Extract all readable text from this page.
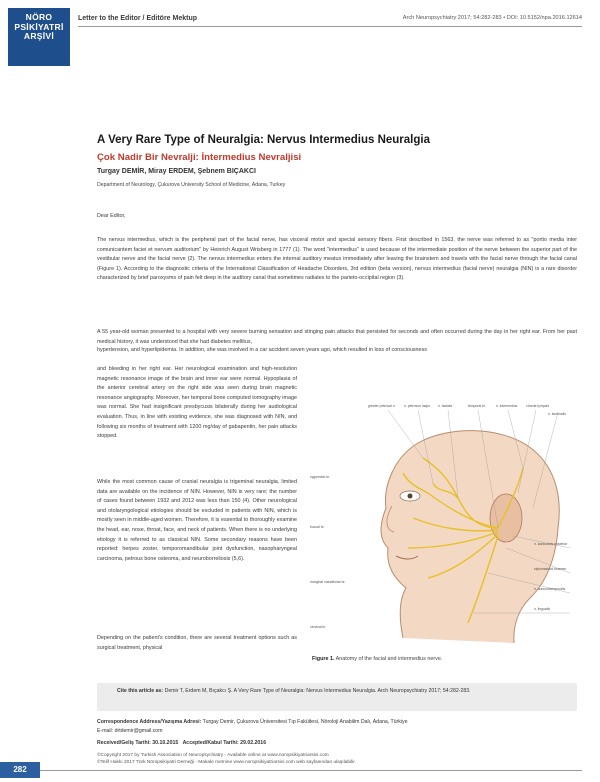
NÖRO
PSİKİYATRİ
ARŞİVİ
Letter to the Editor / Editöre Mektup	Arch Neuropsychiatry 2017; 54:282-283 • DOI: 10.5152/npa.2016.12614
A Very Rare Type of Neuralgia: Nervus Intermedius Neuralgia
Çok Nadir Bir Nevralji: İntermedius Nevraljisi
Turgay DEMİR, Miray ERDEM, Şebnem BIÇAKCI
Department of Neurology, Çukurova University School of Medicine, Adana, Turkey
Dear Editor,
The nervus intermedius, which is the peripheral part of the facial nerve, has visceral motor and special sensory fibers. First described in 1563, the nerve was referred to as "portio media inter comunicantem faciei et nervum auditorium" by Heinrich August Wrisberg in 1777 (1). The word "intermedius" is used because of the intermediate position of the nerve between the superior part of the vestibular nerve and the facial nerve (2). The nervus intermedius enters the internal auditory meatus immediately after leaving the brainstem and travels with the facial nerve through the facial canal (Figure 1). According to the diagnostic criteria of the International Classification of Headache Disorders, 3rd edition (beta version), nervus intermedius (facial nerve) neuralgia (NIN) is a rare disorder characterized by brief paroxysms of pain felt deep in the auditory canal that sometimes radiates to the parieto-occipital region (3).
A 55 year-old woman presented to a hospital with very severe burning sensation and stinging pain attacks that persisted for seconds and often occurred during the day in her right ear. From her past medical history, it was understood that she had diabetes mellitus,
hypertension, and hyperlipidemia. In addition, she was involved in a car accident seven years ago, which resulted in loss of consciousness
and bleeding in her right ear. Her neurological examination and high-resolution magnetic resonance image of the brain and inner ear were normal. Hypoplasia of the anterior cerebral artery on the right side was seen during brain magnetic resonance angiography. Moreover, her temporal bone computed tomography image was normal. She had insignificant presbycusis bilaterally during her audiological evaluation. Thus, in line with existing evidence, she was diagnosed with NIN, and following six months of treatment with 1200 mg/day of gabapentin, her pain attacks stopped.
While the most common cause of cranial neuralgia is trigeminal neuralgia, limited data are available on the incidence of NIN. However, NIN is very rare; the number of cases found between 1932 and 2012 was less than 150 (4). Other neurological and otolaryngological etiologies should be excluded in patients with NIN, which is mostly seen in middle-aged women. Therefore, it is essential to thoroughly examine the head, ear, nose, throat, face, and neck of patients. When there is no underlying etiology it is referred to as classical NIN. Some secondary reasons have been reported: herpes zoster, temporomandibular joint dysfunction, nasopharyngeal carcinoma, petrous bone osteoma, and neuroborreliosis (5,6).
Depending on the patient's condition, there are several treatment options such as surgical treatment, physical
greater petrosal n. n. petrosus major n. facialis	temporal br.	n. intermedius	chorda tympani
n. lacrimalis
zygomatic br.
buccal br.
marginal mandibular br.
cervical br.
n. auricularis posterior
stylomastoid foramen
n. auriculotemporalis
n. lingualis
Figure 1. Anatomy of the facial and intermedius nerve.
Cite this article as: Demir T, Erdem M, Bıçakcı Ş. A Very Rare Type of Neuralgia: Nervus Intermedius Neuralgia. Arch Neuropsychiatry 2017; 54:282-283.
Correspondence Address/Yazışma Adresi: Turgay Demir, Çukurova Üniversitesi Tıp Fakültesi, Nöroloji Anabilim Dalı, Adana, Türkiye
E-mail: drtdemir@gmail.com
Received/Geliş Tarihi: 30.10.2015 Accepted/Kabul Tarihi: 29.02.2016
©Copyright 2017 by Turkish Association of Neuropsychiatry - Available online at www.noropsikiyatriarsivi.com
©Telif Hakkı 2017 Türk Nöropsikiyatri Derneği - Makale metnine www.noropsikiyatriarsivi.com web sayfasından ulaşılabilir.
282
